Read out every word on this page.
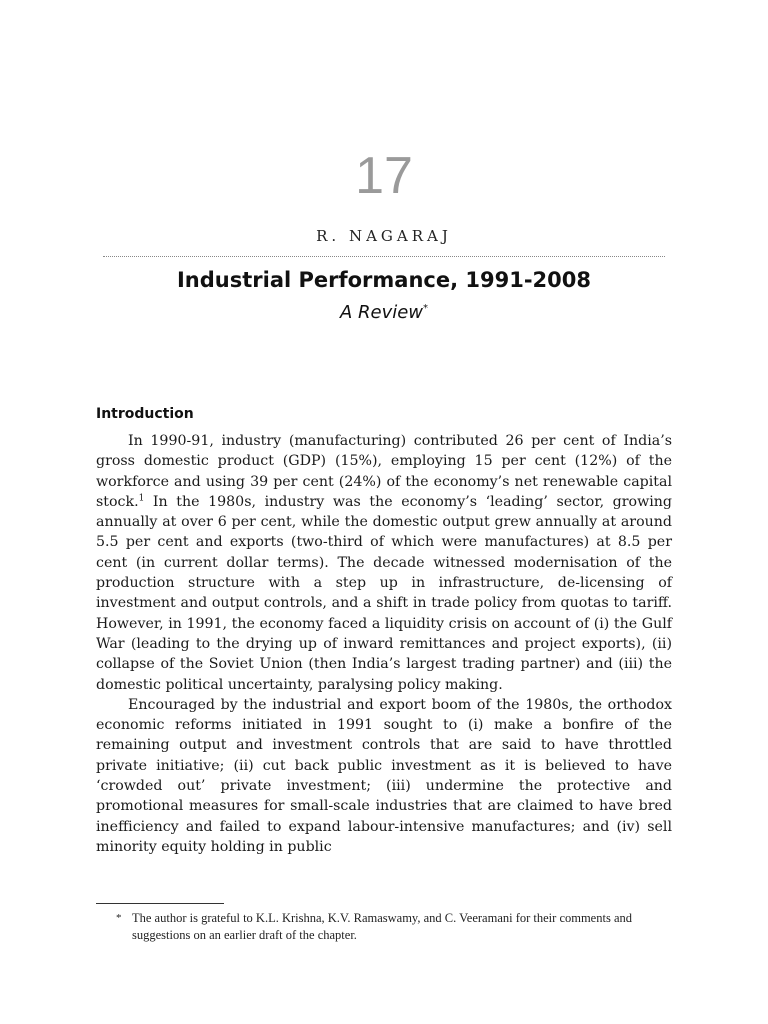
17
R. NAGARAJ
Industrial Performance, 1991-2008
A Review*
Introduction

In 1990-91, industry (manufacturing) contributed 26 per cent of India’s gross domestic product (GDP) (15%), employing 15 per cent (12%) of the workforce and using 39 per cent (24%) of the economy’s net renewable capital stock.$^1$ In the 1980s, industry was the economy’s ‘leading’ sector, growing annually at over 6 per cent, while the domestic output grew annually at around 5.5 per cent and exports (two-third of which were manufactures) at 8.5 per cent (in current dollar terms). The decade witnessed modernisation of the production structure with a step up in infrastructure, de-licensing of investment and output controls, and a shift in trade policy from quotas to tariff. However, in 1991, the economy faced a liquidity crisis on account of (i) the Gulf War (leading to the drying up of inward remittances and project exports), (ii) collapse of the Soviet Union (then India’s largest trading partner) and (iii) the domestic political uncertainty, paralysing policy making.

Encouraged by the industrial and export boom of the 1980s, the orthodox economic reforms initiated in 1991 sought to (i) make a bonfire of the remaining output and investment controls that are said to have throttled private initiative; (ii) cut back public investment as it is believed to have ‘crowded out’ private investment; (iii) undermine the protective and promotional measures for small-scale industries that are claimed to have bred inefficiency and failed to expand labour-intensive manufactures; and (iv) sell minority equity holding in public

* The author is grateful to K.L. Krishna, K.V. Ramaswamy, and C. Veeramani for their comments and suggestions on an earlier draft of the chapter.
